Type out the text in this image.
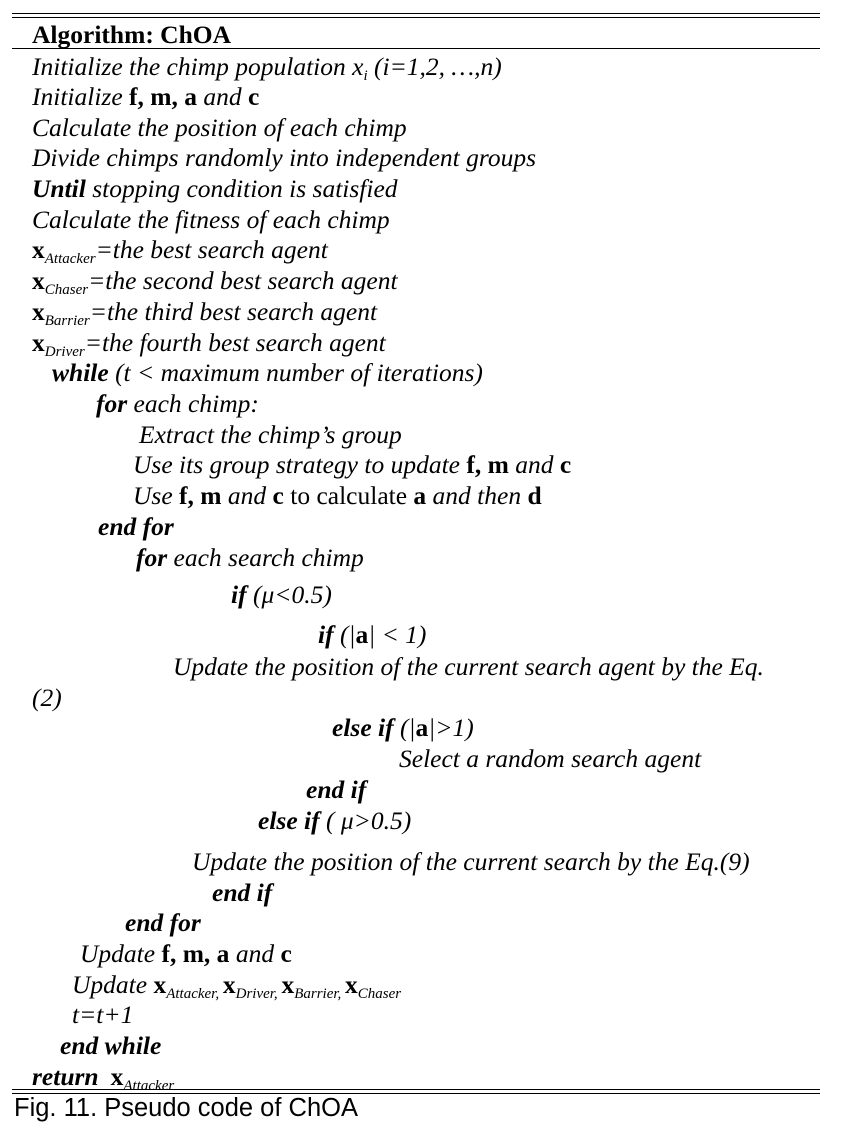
Algorithm: ChOA
Initialize the chimp population xi (i=1,2, …,n)
Initialize f, m, a and c
Calculate the position of each chimp
Divide chimps randomly into independent groups
Until stopping condition is satisfied
Calculate the fitness of each chimp
xAttacker=the best search agent
xChaser=the second best search agent
xBarrier=the third best search agent
xDriver=the fourth best search agent
while (t < maximum number of iterations)
for each chimp:
Extract the chimp’s group
Use its group strategy to update f, m and c
Use f, m and c to calculate a and then d
end for
for each search chimp
if (μ<0.5)
if (|a| < 1)
Update the position of the current search agent by the Eq.
(2)
else if (|a|>1)
Select a random search agent
end if
else if ( μ>0.5)
Update the position of the current search by the Eq.(9)
end if
end for
Update f, m, a and c
Update xAttacker, xDriver, xBarrier, xChaser
t=t+1
end while
return xAttacker
Fig. 11. Pseudo code of ChOA
